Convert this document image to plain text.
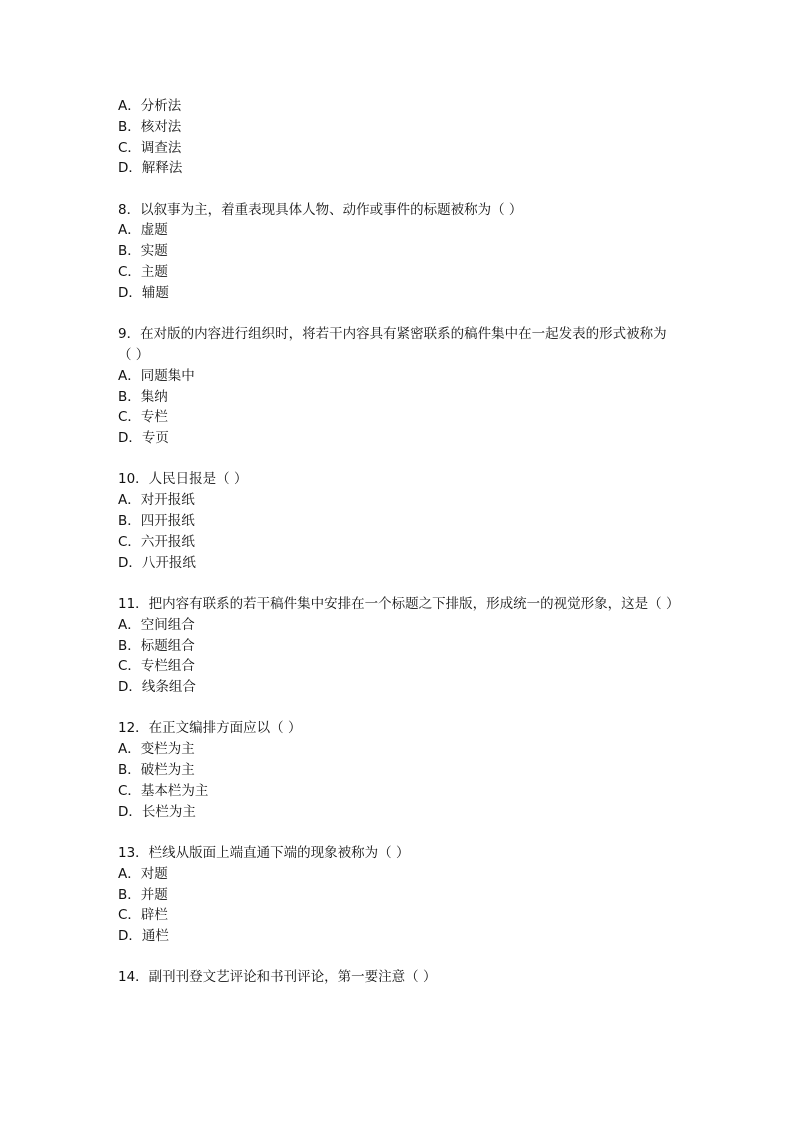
A．分析法
B．核对法
C．调查法
D．解释法
8．以叙事为主，着重表现具体人物、动作或事件的标题被称为（ ）
A．虚题
B．实题
C．主题
D．辅题
9．在对版的内容进行组织时，将若干内容具有紧密联系的稿件集中在一起发表的形式被称为（ ）
A．同题集中
B．集纳
C．专栏
D．专页
10．人民日报是（ ）
A．对开报纸
B．四开报纸
C．六开报纸
D．八开报纸
11．把内容有联系的若干稿件集中安排在一个标题之下排版，形成统一的视觉形象，这是（ ）
A．空间组合
B．标题组合
C．专栏组合
D．线条组合
12．在正文编排方面应以（ ）
A．变栏为主
B．破栏为主
C．基本栏为主
D．长栏为主
13．栏线从版面上端直通下端的现象被称为（ ）
A．对题
B．并题
C．辟栏
D．通栏
14．副刊刊登文艺评论和书刊评论，第一要注意（ ）
